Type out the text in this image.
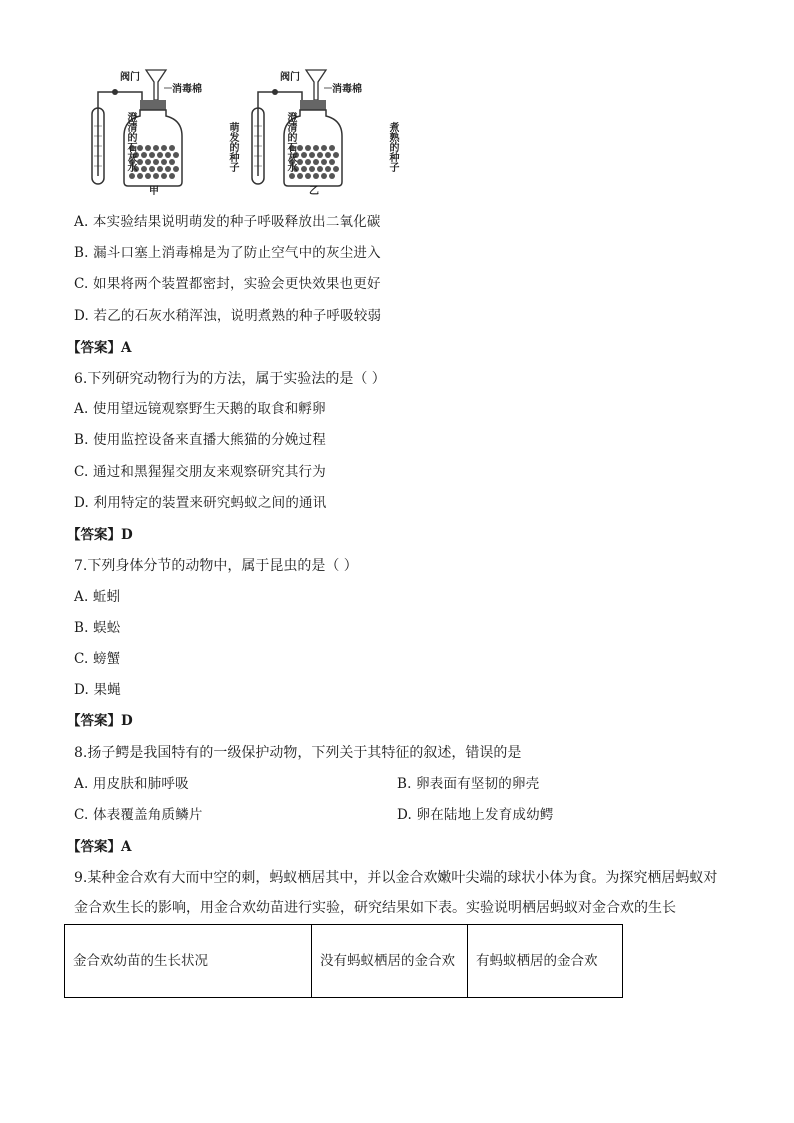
阀门
消毒棉
澄清的石灰水
萌发的种子
甲
阀门
消毒棉
澄清的石灰水
煮熟的种子
乙
A. 本实验结果说明萌发的种子呼吸释放出二氧化碳
B. 漏斗口塞上消毒棉是为了防止空气中的灰尘进入
C. 如果将两个装置都密封，实验会更快效果也更好
D. 若乙的石灰水稍浑浊，说明煮熟的种子呼吸较弱
【答案】A
6.下列研究动物行为的方法，属于实验法的是（ ）
A. 使用望远镜观察野生天鹅的取食和孵卵
B. 使用监控设备来直播大熊猫的分娩过程
C. 通过和黑猩猩交朋友来观察研究其行为
D. 利用特定的装置来研究蚂蚁之间的通讯
【答案】D
7.下列身体分节的动物中，属于昆虫的是（ ）
A. 蚯蚓
B. 蜈蚣
C. 螃蟹
D. 果蝇
【答案】D
8.扬子鳄是我国特有的一级保护动物，下列关于其特征的叙述，错误的是
A. 用皮肤和肺呼吸	B. 卵表面有坚韧的卵壳
C. 体表覆盖角质鳞片	D. 卵在陆地上发育成幼鳄
【答案】A
9.某种金合欢有大而中空的刺，蚂蚁栖居其中，并以金合欢嫩叶尖端的球状小体为食。为探究栖居蚂蚁对
金合欢生长的影响，用金合欢幼苗进行实验，研究结果如下表。实验说明栖居蚂蚁对金合欢的生长
金合欢幼苗的生长状况	没有蚂蚁栖居的金合欢	有蚂蚁栖居的金合欢
